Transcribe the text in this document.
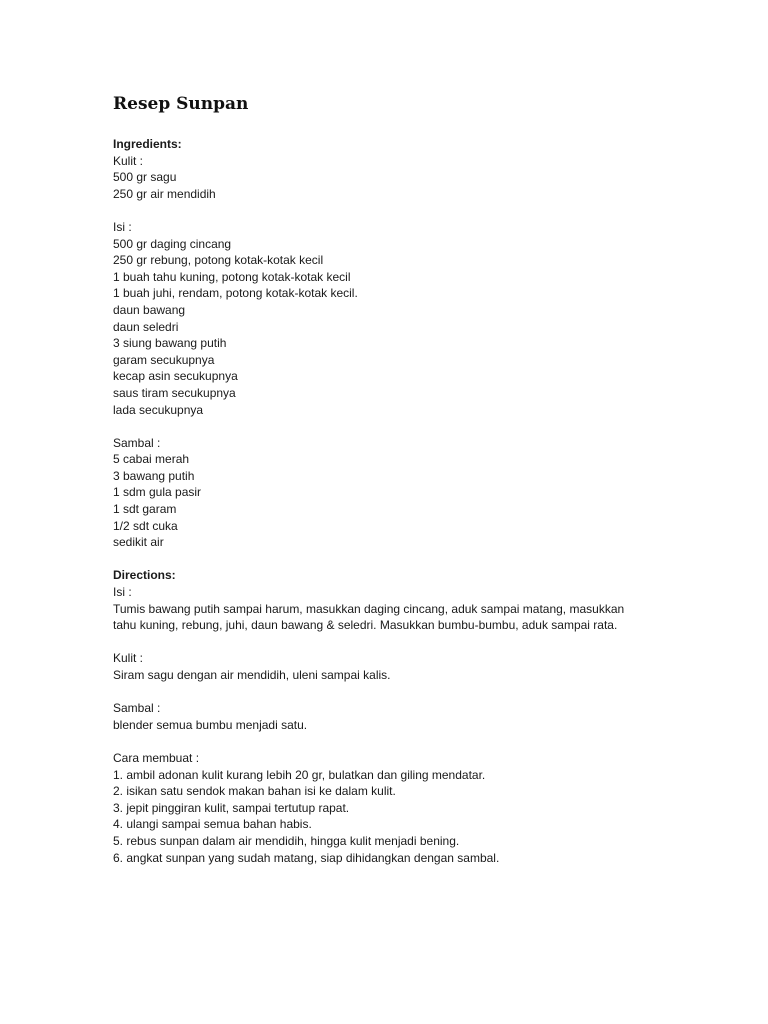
Resep Sunpan

Ingredients:

Kulit :

500 gr sagu

250 gr air mendidih

Isi :

500 gr daging cincang

250 gr rebung, potong kotak-kotak kecil

1 buah tahu kuning, potong kotak-kotak kecil

1 buah juhi, rendam, potong kotak-kotak kecil.

daun bawang

daun seledri

3 siung bawang putih

garam secukupnya

kecap asin secukupnya

saus tiram secukupnya

lada secukupnya

Sambal :

5 cabai merah

3 bawang putih

1 sdm gula pasir

1 sdt garam

1/2 sdt cuka

sedikit air

Directions:

Isi :

Tumis bawang putih sampai harum, masukkan daging cincang, aduk sampai matang, masukkan

tahu kuning, rebung, juhi, daun bawang & seledri. Masukkan bumbu-bumbu, aduk sampai rata.

Kulit :

Siram sagu dengan air mendidih, uleni sampai kalis.

Sambal :

blender semua bumbu menjadi satu.

Cara membuat :

1. ambil adonan kulit kurang lebih 20 gr, bulatkan dan giling mendatar.

2. isikan satu sendok makan bahan isi ke dalam kulit.

3. jepit pinggiran kulit, sampai tertutup rapat.

4. ulangi sampai semua bahan habis.

5. rebus sunpan dalam air mendidih, hingga kulit menjadi bening.

6. angkat sunpan yang sudah matang, siap dihidangkan dengan sambal.
